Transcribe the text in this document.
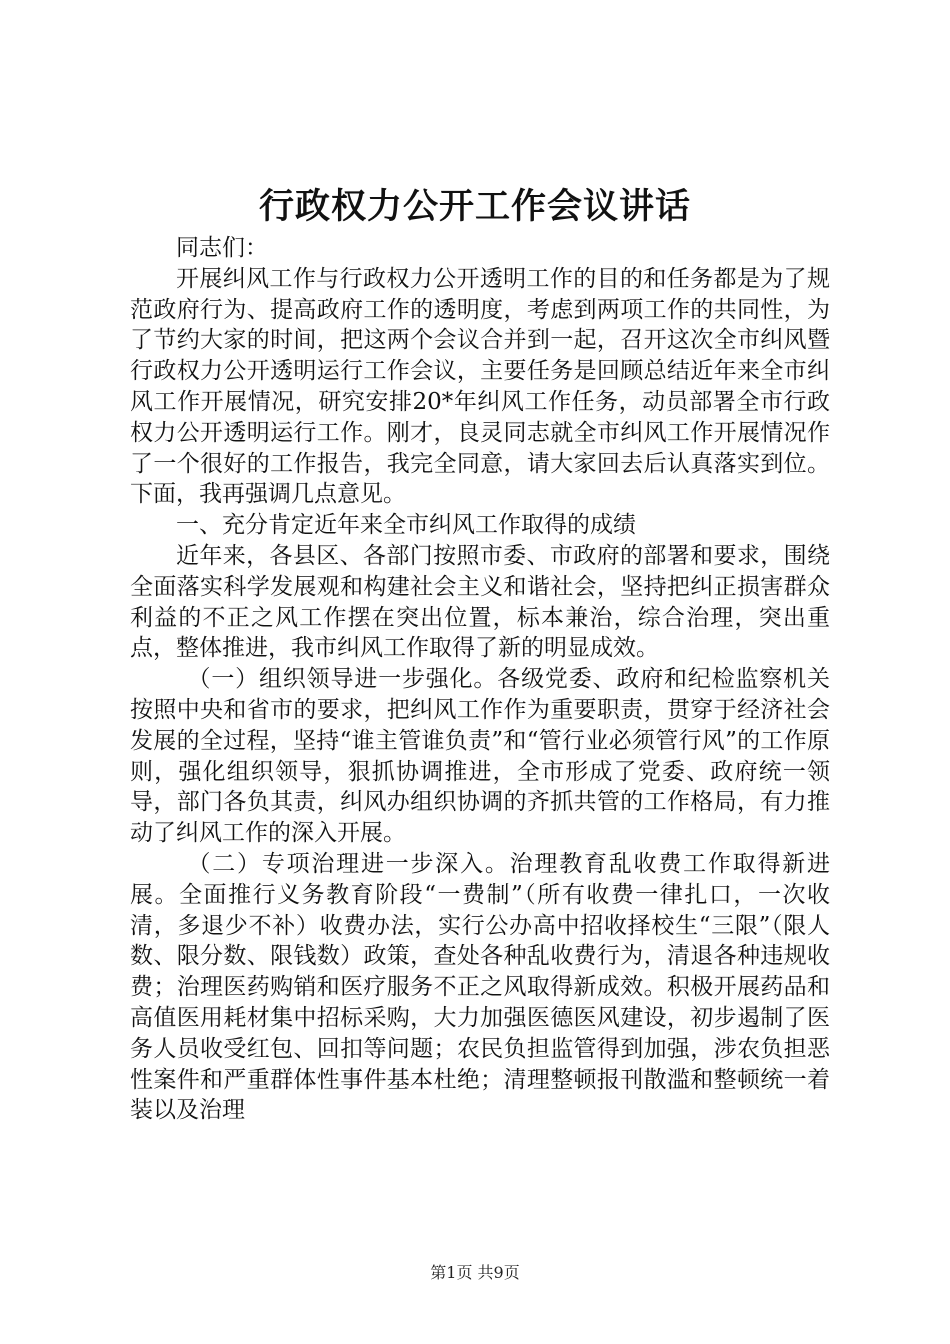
行政权力公开工作会议讲话

同志们：

开展纠风工作与行政权力公开透明工作的目的和任务都是为了规范政府行为、提高政府工作的透明度，考虑到两项工作的共同性，为了节约大家的时间，把这两个会议合并到一起，召开这次全市纠风暨行政权力公开透明运行工作会议，主要任务是回顾总结近年来全市纠风工作开展情况，研究安排20*年纠风工作任务，动员部署全市行政权力公开透明运行工作。刚才，良灵同志就全市纠风工作开展情况作了一个很好的工作报告，我完全同意，请大家回去后认真落实到位。下面，我再强调几点意见。

一、充分肯定近年来全市纠风工作取得的成绩

近年来，各县区、各部门按照市委、市政府的部署和要求，围绕全面落实科学发展观和构建社会主义和谐社会，坚持把纠正损害群众利益的不正之风工作摆在突出位置，标本兼治，综合治理，突出重点，整体推进，我市纠风工作取得了新的明显成效。

（一）组织领导进一步强化。各级党委、政府和纪检监察机关按照中央和省市的要求，把纠风工作作为重要职责，贯穿于经济社会发展的全过程，坚持“谁主管谁负责”和“管行业必须管行风”的工作原则，强化组织领导，狠抓协调推进，全市形成了党委、政府统一领导，部门各负其责，纠风办组织协调的齐抓共管的工作格局，有力推动了纠风工作的深入开展。

（二）专项治理进一步深入。治理教育乱收费工作取得新进展。全面推行义务教育阶段“一费制”（所有收费一律扎口，一次收清，多退少不补）收费办法，实行公办高中招收择校生“三限”（限人数、限分数、限钱数）政策，查处各种乱收费行为，清退各种违规收费；治理医药购销和医疗服务不正之风取得新成效。积极开展药品和高值医用耗材集中招标采购，大力加强医德医风建设，初步遏制了医务人员收受红包、回扣等问题；农民负担监管得到加强，涉农负担恶性案件和严重群体性事件基本杜绝；清理整顿报刊散滥和整顿统一着装以及治理

第1页 共9页
